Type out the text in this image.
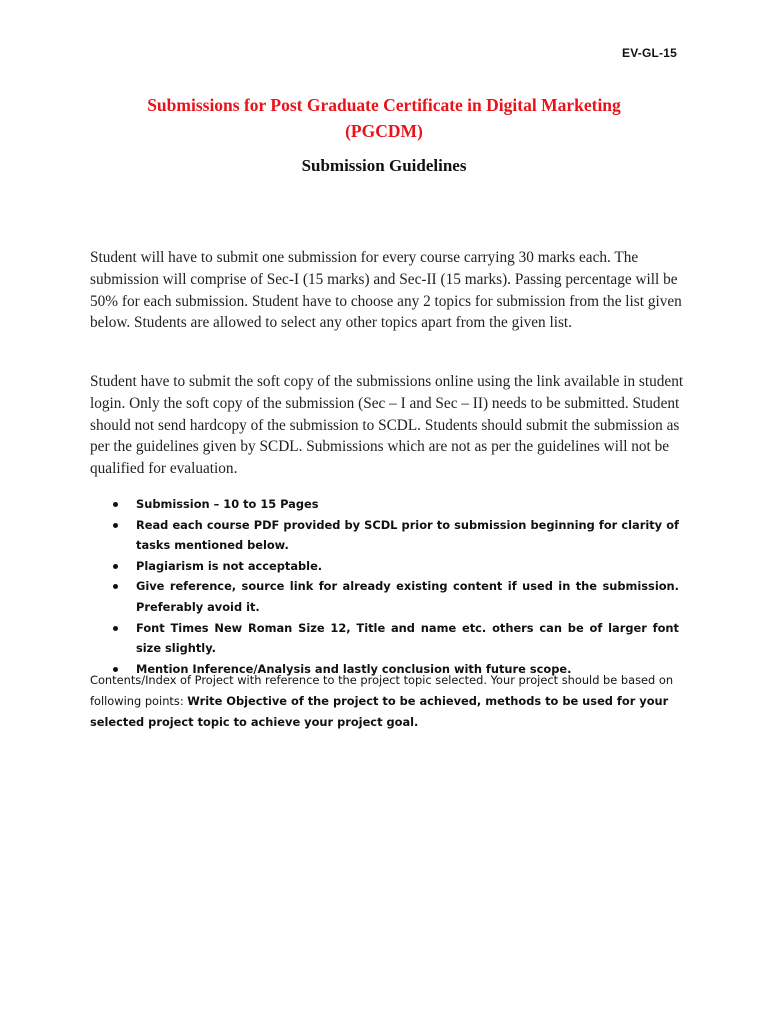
EV-GL-15
Submissions for Post Graduate Certificate in Digital Marketing
(PGCDM)
Submission Guidelines

Student will have to submit one submission for every course carrying 30 marks each. The submission will comprise of Sec-I (15 marks) and Sec-II (15 marks). Passing percentage will be 50% for each submission. Student have to choose any 2 topics for submission from the list given below. Students are allowed to select any other topics apart from the given list.

Student have to submit the soft copy of the submissions online using the link available in student login. Only the soft copy of the submission (Sec – I and Sec – II) needs to be submitted. Student should not send hardcopy of the submission to SCDL. Students should submit the submission as per the guidelines given by SCDL. Submissions which are not as per the guidelines will not be qualified for evaluation.

Submission – 10 to 15 Pages
Read each course PDF provided by SCDL prior to submission beginning for clarity of tasks mentioned below.
Plagiarism is not acceptable.
Give reference, source link for already existing content if used in the submission. Preferably avoid it.
Font Times New Roman Size 12, Title and name etc. others can be of larger font size slightly.
Mention Inference/Analysis and lastly conclusion with future scope.

Contents/Index of Project with reference to the project topic selected. Your project should be based on following points: Write Objective of the project to be achieved, methods to be used for your selected project topic to achieve your project goal.
